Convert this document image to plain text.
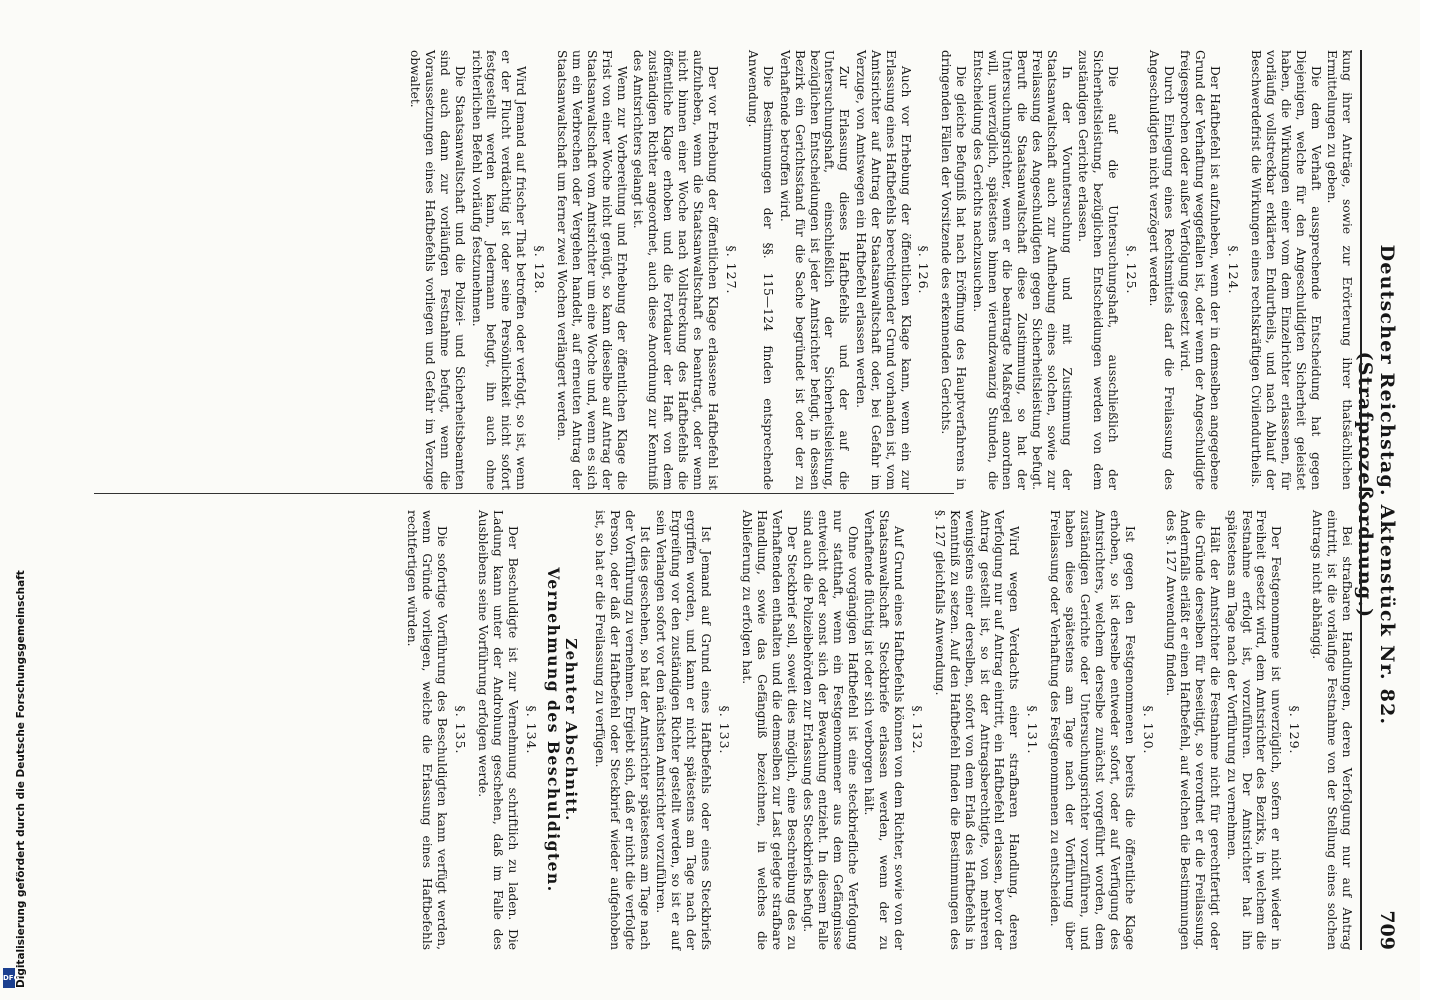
Deutscher Reichstag. Aktenstück Nr. 82. (Strafprozeßordnung.)
709

kung ihrer Anträge, sowie zur Erörterung ihrer thatsächlichen Ermittelungen zu geben.

Die dem Verhaft aussprechende Entscheidung hat gegen Diejenigen, welche für den Angeschuldigten Sicherheit geleistet haben, die Wirkungen einer vom dem Einzelrichter erlassenen, für vorläufig vollstreckbar erklärten Endurtheils, und nach Ablauf der Beschwerdefrist die Wirkungen eines rechtskräftigen Civilendurtheils.

§. 124.

Der Haftbefehl ist aufzuheben, wenn der in demselben angegebene Grund der Verhaftung weggefallen ist, oder wenn der Angeschuldigte freigesprochen oder außer Verfolgung gesetzt wird.

Durch Einlegung eines Rechtsmittels darf die Freilassung des Angeschuldigten nicht verzögert werden.

§. 125.

Die auf die Untersuchungshaft, ausschließlich der Sicherheitsleistung, bezüglichen Entscheidungen werden von dem zuständigen Gerichte erlassen.

In der Voruntersuchung und mit Zustimmung der Staatsanwaltschaft auch zur Aufhebung eines solchen, sowie zur Freilassung des Angeschuldigten gegen Sicherheitsleistung befugt. Beruft die Staatsanwaltschaft diese Zustimmung, so hat der Untersuchungsrichter, wenn er die beantragte Maßregel anordnen will, unverzüglich, spätestens binnen vierundzwanzig Stunden, die Entscheidung des Gerichts nachzusuchen.

Die gleiche Befugniß hat nach Eröffnung des Hauptverfahrens in dringenden Fällen der Vorsitzende des erkennenden Gerichts.

§. 126.

Auch vor Erhebung der öffentlichen Klage kann, wenn ein zur Erlassung eines Haftbefehls berechtigender Grund vorhanden ist, vom Amtsrichter auf Antrag der Staatsanwaltschaft oder, bei Gefahr im Verzuge, von Amtswegen ein Haftbefehl erlassen werden.

Zur Erlassung dieses Haftbefehls und der auf die Untersuchungshaft, einschließlich der Sicherheitsleistung, bezüglichen Entscheidungen ist jeder Amtsrichter befugt, in dessen Bezirk ein Gerichtsstand für die Sache begründet ist oder der zu Verhaftende betroffen wird.

Die Bestimmungen der §§. 115—124 finden entsprechende Anwendung.

§. 127.

Der vor Erhebung der öffentlichen Klage erlassene Haftbefehl ist aufzuheben, wenn die Staatsanwaltschaft es beantragt, oder wenn nicht binnen einer Woche nach Vollstreckung des Haftbefehls die öffentliche Klage erhoben und die Fortdauer der Haft von dem zuständigen Richter angeordnet, auch diese Anordnung zur Kenntniß des Amtsrichters gelangt ist.

Wenn zur Vorbereitung und Erhebung der öffentlichen Klage die Frist von einer Woche nicht genügt, so kann dieselbe auf Antrag der Staatsanwaltschaft vom Amtsrichter um eine Woche und, wenn es sich um ein Verbrechen oder Vergehen handelt, auf erneuten Antrag der Staatsanwaltschaft um ferner zwei Wochen verlängert werden.

§. 128.

Wird Jemand auf frischer That betroffen oder verfolgt, so ist, wenn er der Flucht verdächtig ist oder seine Persönlichkeit nicht sofort festgestellt werden kann, Jedermann befugt, ihn auch ohne richterlichen Befehl vorläufig festzunehmen.

Die Staatsanwaltschaft und die Polizei- und Sicherheitsbeamten sind auch dann zur vorläufigen Festnahme befugt, wenn die Voraussetzungen eines Haftbefehls vorliegen und Gefahr im Verzuge obwaltet.

Bei strafbaren Handlungen, deren Verfolgung nur auf Antrag eintritt, ist die vorläufige Festnahme von der Stellung eines solchen Antrags nicht abhängig.

§. 129.

Der Festgenommene ist unverzüglich, sofern er nicht wieder in Freiheit gesetzt wird, dem Amtsrichter des Bezirks, in welchem die Festnahme erfolgt ist, vorzuführen. Der Amtsrichter hat ihn spätestens am Tage nach der Vorführung zu vernehmen.

Hält der Amtsrichter die Festnahme nicht für gerechtfertigt oder die Gründe derselben für beseitigt, so verordnet er die Freilassung. Andernfalls erläßt er einen Haftbefehl, auf welchen die Bestimmungen des §. 127 Anwendung finden.

§. 130.

Ist gegen den Festgenommenen bereits die öffentliche Klage erhoben, so ist derselbe entweder sofort, oder auf Verfügung des Amtsrichters, welchem derselbe zunächst vorgeführt worden, dem zuständigen Gerichte oder Untersuchungsrichter vorzuführen, und haben diese spätestens am Tage nach der Vorführung über Freilassung oder Verhaftung des Festgenommenen zu entscheiden.

§. 131.

Wird wegen Verdachts einer strafbaren Handlung, deren Verfolgung nur auf Antrag eintritt, ein Haftbefehl erlassen, bevor der Antrag gestellt ist, so ist der Antragsberechtigte, von mehreren wenigstens einer derselben, sofort von dem Erlaß des Haftbefehls in Kenntniß zu setzen. Auf den Haftbefehl finden die Bestimmungen des §. 127 gleichfalls Anwendung.

§. 132.

Auf Grund eines Haftbefehls können von dem Richter, sowie von der Staatsanwaltschaft Steckbriefe erlassen werden, wenn der zu Verhaftende flüchtig ist oder sich verborgen hält.

Ohne vorgängigen Haftbefehl ist eine steckbriefliche Verfolgung nur statthaft, wenn ein Festgenommener aus dem Gefängnisse entweicht oder sonst sich der Bewachung entzieht. In diesem Falle sind auch die Polizeibehörden zur Erlassung des Steckbriefs befugt.

Der Steckbrief soll, soweit dies möglich, eine Beschreibung des zu Verhaftenden enthalten und die demselben zur Last gelegte strafbare Handlung, sowie das Gefängniß bezeichnen, in welches die Ablieferung zu erfolgen hat.

§. 133.

Ist Jemand auf Grund eines Haftbefehls oder eines Steckbriefs ergriffen worden, und kann er nicht spätestens am Tage nach der Ergreifung vor den zuständigen Richter gestellt werden, so ist er auf sein Verlangen sofort vor den nächsten Amtsrichter vorzuführen.

Ist dies geschehen, so hat der Amtsrichter spätestens am Tage nach der Vorführung zu vernehmen. Ergiebt sich, daß er nicht die verfolgte Person, oder daß der Haftbefehl oder Steckbrief wieder aufgehoben ist, so hat er die Freilassung zu verfügen.

Zehnter Abschnitt.
Vernehmung des Beschuldigten.
§. 134.

Der Beschuldigte ist zur Vernehmung schriftlich zu laden. Die Ladung kann unter der Androhung geschehen, daß im Falle des Ausbleibens seine Vorführung erfolgen werde.

§. 135.

Die sofortige Vorführung des Beschuldigten kann verfügt werden, wenn Gründe vorliegen, welche die Erlassung eines Haftbefehls rechtfertigen würden.

Digitalisierung gefördert durch die Deutsche Forschungsgemeinschaft
DFG
